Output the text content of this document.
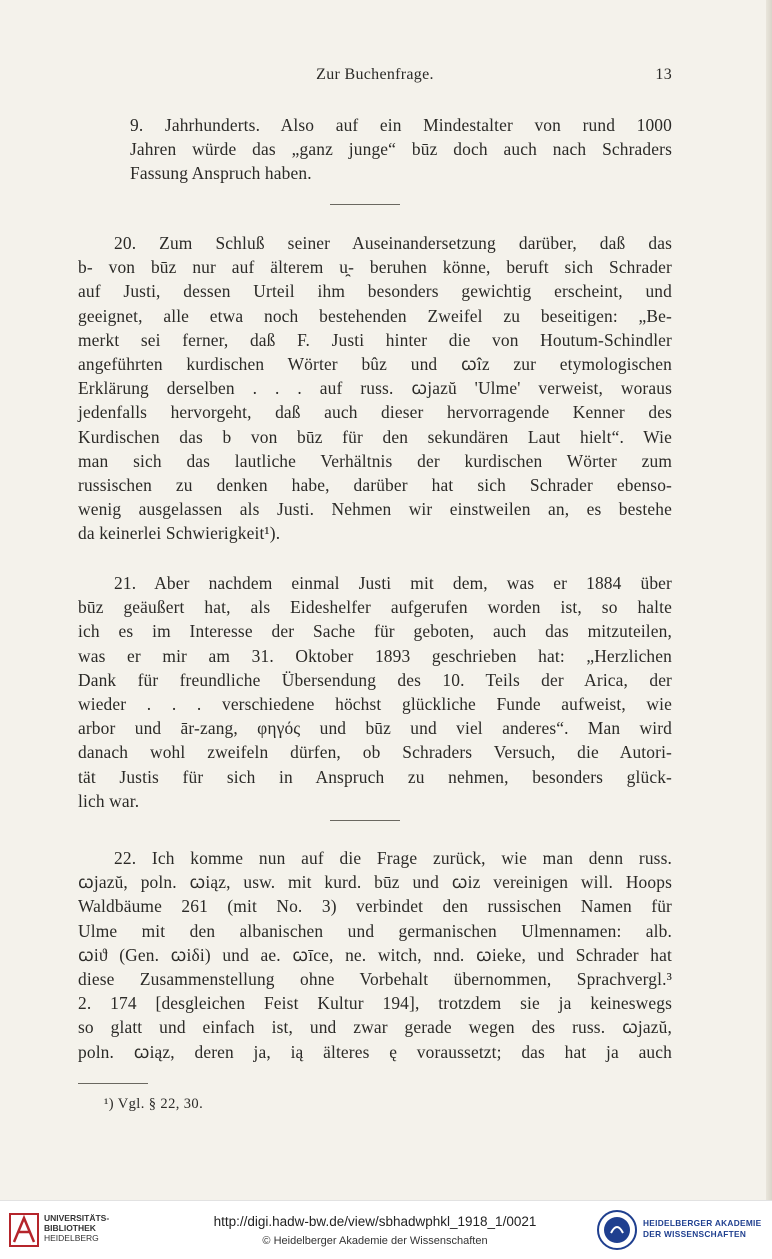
Zur Buchenfrage.	13
9. Jahrhunderts. Also auf ein Mindestalter von rund 1000
Jahren würde das „ganz junge“ būz doch auch nach Schraders
Fassung Anspruch haben.
20. Zum Schluß seiner Auseinandersetzung darüber, daß das
b- von būz nur auf älterem u̯- beruhen könne, beruft sich Schrader
auf Justi, dessen Urteil ihm besonders gewichtig erscheint, und
geeignet, alle etwa noch bestehenden Zweifel zu beseitigen: „Be-
merkt sei ferner, daß F. Justi hinter die von Houtum-Schindler
angeführten kurdischen Wörter bûz und ꞷîz zur etymologischen
Erklärung derselben . . . auf russ. ꞷjazŭ 'Ulme' verweist, woraus
jedenfalls hervorgeht, daß auch dieser hervorragende Kenner des
Kurdischen das b von būz für den sekundären Laut hielt“. Wie
man sich das lautliche Verhältnis der kurdischen Wörter zum
russischen zu denken habe, darüber hat sich Schrader ebenso-
wenig ausgelassen als Justi. Nehmen wir einstweilen an, es bestehe
da keinerlei Schwierigkeit¹).
21. Aber nachdem einmal Justi mit dem, was er 1884 über
būz geäußert hat, als Eideshelfer aufgerufen worden ist, so halte
ich es im Interesse der Sache für geboten, auch das mitzuteilen,
was er mir am 31. Oktober 1893 geschrieben hat: „Herzlichen
Dank für freundliche Übersendung des 10. Teils der Arica, der
wieder . . . verschiedene höchst glückliche Funde aufweist, wie
arbor und ār-zang, φηγός und būz und viel anderes“. Man wird
danach wohl zweifeln dürfen, ob Schraders Versuch, die Autori-
tät Justis für sich in Anspruch zu nehmen, besonders glück-
lich war.
22. Ich komme nun auf die Frage zurück, wie man denn russ.
ꞷjazŭ, poln. ꞷiąz, usw. mit kurd. būz und ꞷiz vereinigen will. Hoops
Waldbäume 261 (mit No. 3) verbindet den russischen Namen für
Ulme mit den albanischen und germanischen Ulmennamen: alb.
ꞷiϑ (Gen. ꞷiδi) und ae. ꞷīce, ne. witch, nnd. ꞷieke, und Schrader hat
diese Zusammenstellung ohne Vorbehalt übernommen, Sprachvergl.³
2. 174 [desgleichen Feist Kultur 194], trotzdem sie ja keineswegs
so glatt und einfach ist, und zwar gerade wegen des russ. ꞷjazŭ,
poln. ꞷiąz, deren ja, ią älteres ę voraussetzt; das hat ja auch
¹) Vgl. § 22, 30.
UNIVERSITÄTS-
BIBLIOTHEK
HEIDELBERG
http://digi.hadw-bw.de/view/sbhadwphkl_1918_1/0021
© Heidelberger Akademie der Wissenschaften
HEIDELBERGER AKADEMIE
DER WISSENSCHAFTEN
